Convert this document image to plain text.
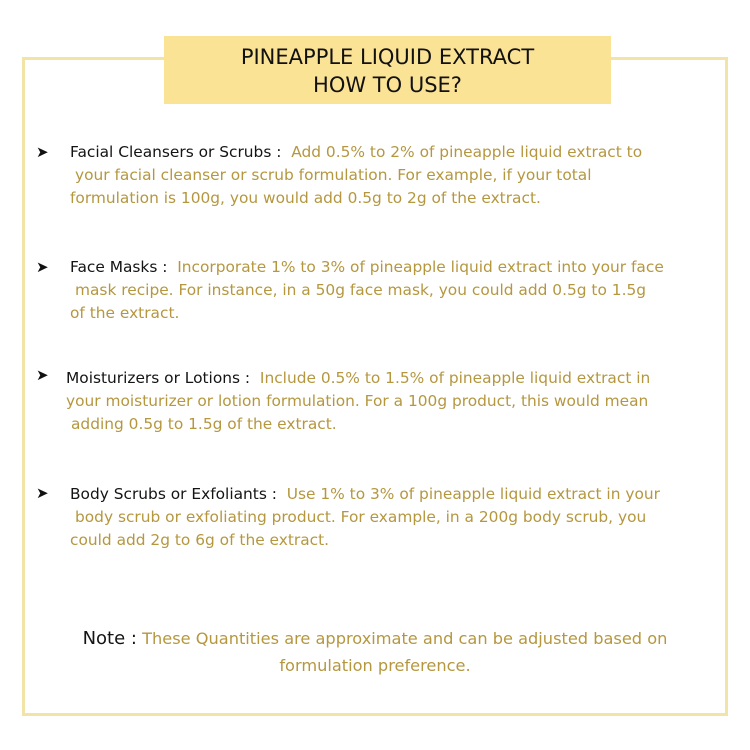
PINEAPPLE LIQUID EXTRACT
HOW TO USE?
➤ Facial Cleansers or Scrubs : Add 0.5% to 2% of pineapple liquid extract to
your facial cleanser or scrub formulation. For example, if your total
formulation is 100g, you would add 0.5g to 2g of the extract.
➤ Face Masks : Incorporate 1% to 3% of pineapple liquid extract into your face
mask recipe. For instance, in a 50g face mask, you could add 0.5g to 1.5g
of the extract.
➤ Moisturizers or Lotions : Include 0.5% to 1.5% of pineapple liquid extract in
your moisturizer or lotion formulation. For a 100g product, this would mean
adding 0.5g to 1.5g of the extract.
➤ Body Scrubs or Exfoliants : Use 1% to 3% of pineapple liquid extract in your
body scrub or exfoliating product. For example, in a 200g body scrub, you
could add 2g to 6g of the extract.
Note : These Quantities are approximate and can be adjusted based on
formulation preference.
